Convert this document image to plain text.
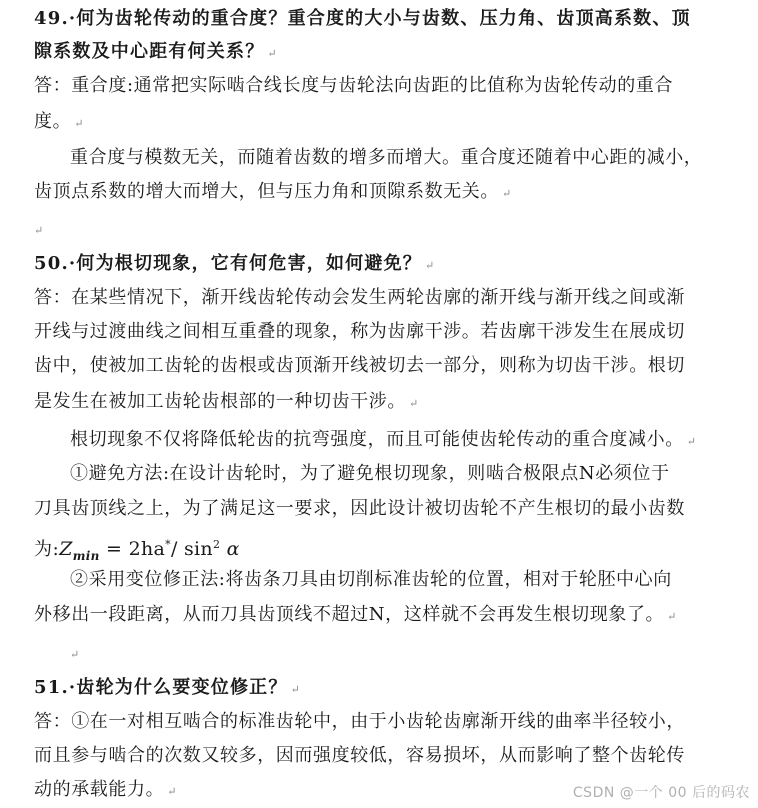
49.·何为齿轮传动的重合度？重合度的大小与齿数、压力角、齿顶高系数、顶
隙系数及中心距有何关系？ ↵
答：重合度:通常把实际啮合线长度与齿轮法向齿距的比值称为齿轮传动的重合
度。 ↵
重合度与模数无关，而随着齿数的增多而增大。重合度还随着中心距的减小，
齿顶点系数的增大而增大，但与压力角和顶隙系数无关。 ↵
↵
50.·何为根切现象，它有何危害，如何避免？ ↵
答：在某些情况下，渐开线齿轮传动会发生两轮齿廓的渐开线与渐开线之间或渐
开线与过渡曲线之间相互重叠的现象，称为齿廓干涉。若齿廓干涉发生在展成切
齿中，使被加工齿轮的齿根或齿顶渐开线被切去一部分，则称为切齿干涉。根切
是发生在被加工齿轮齿根部的一种切齿干涉。 ↵
根切现象不仅将降低轮齿的抗弯强度，而且可能使齿轮传动的重合度减小。 ↵
①避免方法:在设计齿轮时，为了避免根切现象，则啮合极限点N必须位于
刀具齿顶线之上，为了满足这一要求，因此设计被切齿轮不产生根切的最小齿数
为$:Z_{min} = 2ha^*/$ $\sin^2 \alpha$
②采用变位修正法:将齿条刀具由切削标准齿轮的位置，相对于轮胚中心向
外移出一段距离，从而刀具齿顶线不超过N，这样就不会再发生根切现象了。 ↵
↵
51.·齿轮为什么要变位修正？ ↵
答：①在一对相互啮合的标准齿轮中，由于小齿轮齿廓渐开线的曲率半径较小，
而且参与啮合的次数又较多，因而强度较低，容易损坏，从而影响了整个齿轮传
动的承载能力。 ↵	CSDN @一个 00 后的码农
